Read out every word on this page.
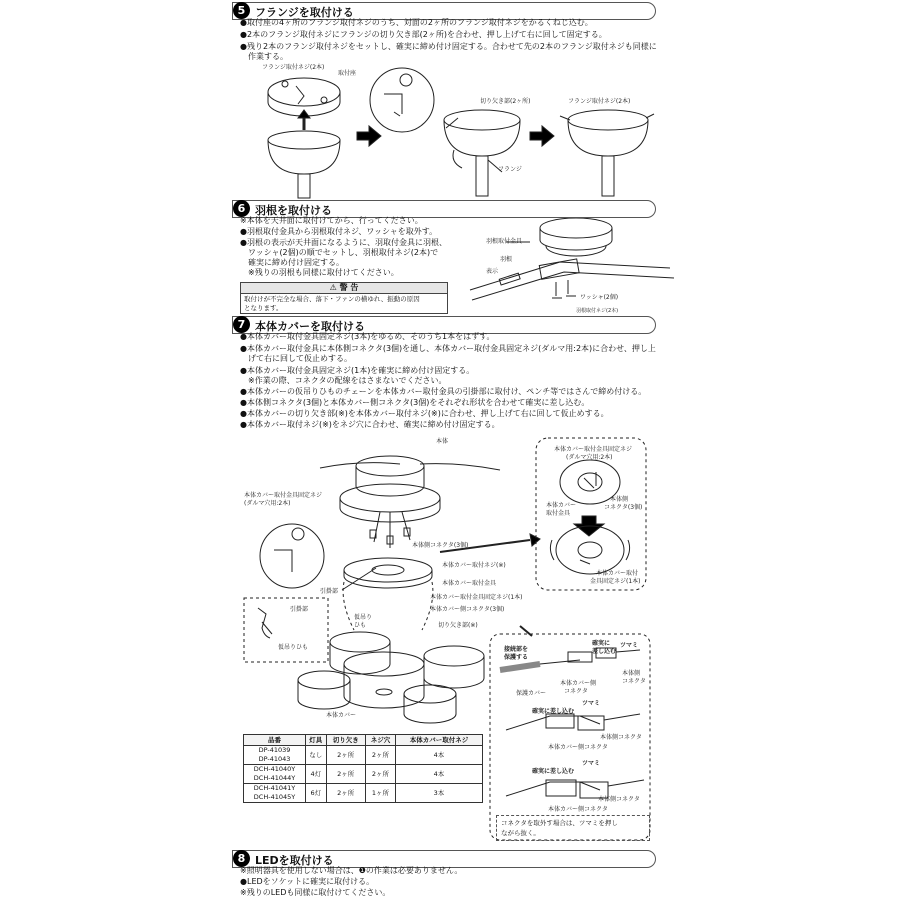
5 フランジを取付ける
●取付座の4ヶ所のフランジ取付ネジのうち、対面の2ヶ所のフランジ取付ネジをかるくねじ込む。
●2本のフランジ取付ネジにフランジの切り欠き部(2ヶ所)を合わせ、押し上げて右に回して固定する。
●残り2本のフランジ取付ネジをセットし、確実に締め付け固定する。合わせて先の2本のフランジ取付ネジも同様に
　作業する。
フランジ取付ネジ(2本)
取付座
切り欠き部(2ヶ所)
フランジ
フランジ取付ネジ(2本)
6 羽根を取付ける
※本体を天井面に取付けてから、行ってください。
●羽根取付金具から羽根取付ネジ、ワッシャを取外す。
●羽根の表示が天井面になるように、羽取付金具に羽根、
　ワッシャ(2個)の順でセットし、羽根取付ネジ(2本)で
　確実に締め付け固定する。
　※残りの羽根も同様に取付けてください。
⚠ 警 告
取付けが不完全な場合、落下・ファンの横ゆれ、振動の原因
となります。
羽根取付金具
羽根
表示
ワッシャ(2個)
羽根取付ネジ(2本)
7 本体カバーを取付ける
●本体カバー取付金具固定ネジ(3本)をゆるめ、そのうち1本をはずす。
●本体カバー取付金具に本体側コネクタ(3個)を通し、本体カバー取付金具固定ネジ(ダルマ用:2本)に合わせ、押し上
　げて右に回して仮止めする。
●本体カバー取付金具固定ネジ(1本)を確実に締め付け固定する。
　※作業の際、コネクタの配線をはさまないでください。
●本体カバーの仮吊りひものチェーンを本体カバー取付金具の引掛部に取付け、ペンチ等ではさんで締め付ける。
●本体側コネクタ(3個)と本体カバー側コネクタ(3個)をそれぞれ形状を合わせて確実に差し込む。
●本体カバーの切り欠き部(※)を本体カバー取付ネジ(※)に合わせ、押し上げて右に回して仮止めする。
●本体カバー取付ネジ(※)をネジ穴に合わせ、確実に締め付け固定する。
本体
本体カバー取付金具固定ネジ
(ダルマ穴用:2本)
本体側コネクタ(3個)
本体カバー取付ネジ(※)
本体カバー取付金具
引掛部
本体カバー取付金具固定ネジ(1本)
本体カバー側コネクタ(3個)
仮吊り
ひも	切り欠き部(※)
本体カバー
引掛部
仮吊りひも
本体カバー取付金具固定ネジ
(ダルマ穴用:2本)
本体カバー
取付金具
本体側
コネクタ(3個)
本体カバー取付
金具固定ネジ(1本)
接続部を
保護する
確実に
差し込む
ツマミ
保護カバー
本体カバー側
コネクタ
本体側
コネクタ
ツマミ
確実に差し込む
本体側コネクタ
本体カバー側コネクタ
ツマミ
確実に差し込む
本体側コネクタ
本体カバー側コネクタ
品番	灯具	切り欠き	ネジ穴	本体カバー取付ネジ

DP-41039
DP-41043	なし	2ヶ所	2ヶ所	4本

DCH-41040Y
DCH-41044Y	4灯	2ヶ所	2ヶ所	4本

DCH-41041Y
DCH-41045Y	6灯	2ヶ所	1ヶ所	3本
コネクタを取外す場合は、ツマミを押し
ながら抜く。
8 LEDを取付ける
※照明器具を使用しない場合は、❶の作業は必要ありません。
●LEDをソケットに確実に取付ける。
※残りのLEDも同様に取付けてください。
